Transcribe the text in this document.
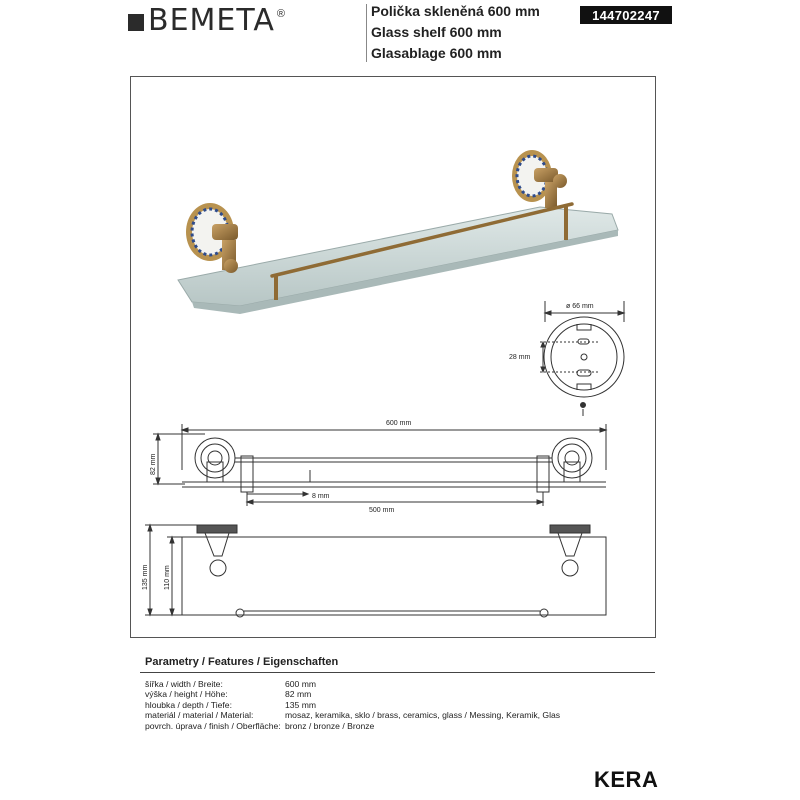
BEMETA ®	Polička skleněná 600 mm
Glass shelf 600 mm
Glasablage 600 mm
144702247
ø 66 mm
28 mm
600 mm
82 mm
8 mm
500 mm
135 mm 110 mm
Parametry / Features / Eigenschaften
šířka / width / Breite:	600 mm
výška / height / Höhe:	82 mm
hloubka / depth / Tiefe:	135 mm
materiál / material / Material:	mosaz, keramika, sklo / brass, ceramics, glass / Messing, Keramik, Glas
povrch. úprava / finish / Oberfläche: bronz / bronze / Bronze
KERA
